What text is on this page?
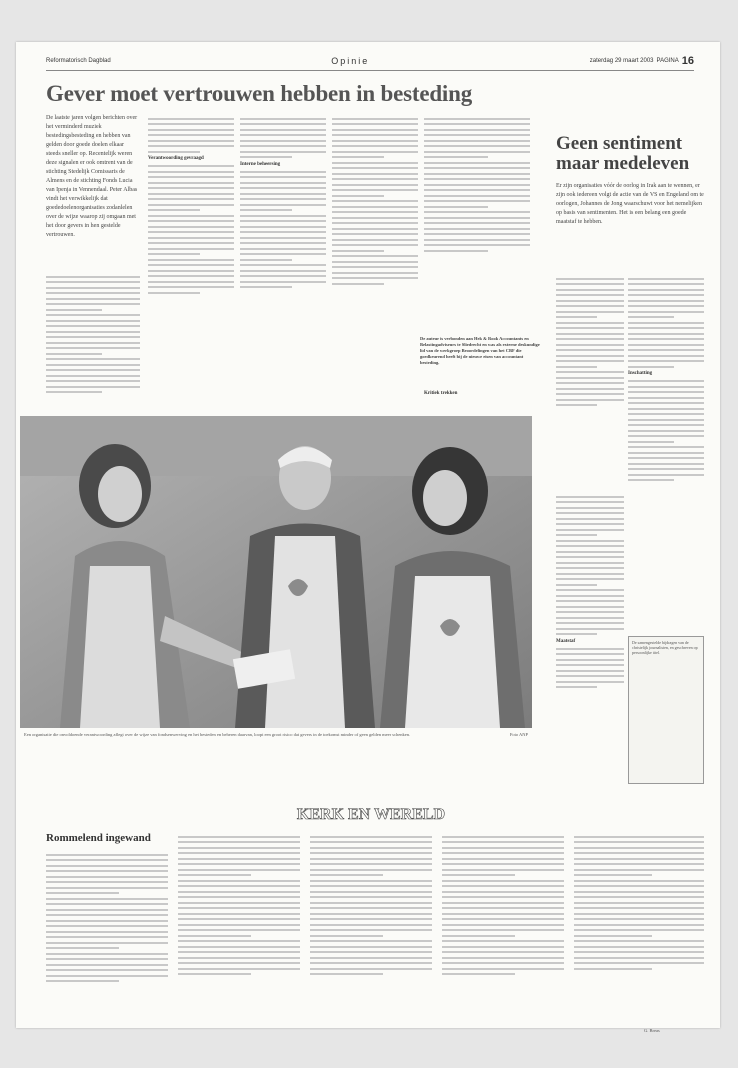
Reformatorisch Dagblad	Opinie	zaterdag 29 maart 2003 PAGINA 16
Gever moet vertrouwen hebben in besteding
De laatste jaren volgen berichten over het verminderd muziek bestedingsbesteding en hebben van gelden door goede doelen elkaar steeds sneller op. Recentelijk weren deze signalen er ook omtrent van de stichting Stedelijk Comissaris de Almens en de stichting Fonds Lucia van Ipenja in Vennendaal. Peter Albas vindt het verwikkelijk dat goededoelenorganisaties zodanlelen over de wijze waarop zij omgaan met het door gevers in hen gestelde vertrouwen.
Verantwoording gevraagd
Interne beheersing
De auteur is verbonden aan Hek & Rook Accountants en Belastingadviseurs te Sliedrecht en was als externe deskundige lid van de werkgroep Beoordelingen van het CBF die goedkeurend heeft bij de nieuwe eisen van accountant besteding.
Kritiek trekken
Geen sentiment maar medeleven
Er zijn organisaties vóór de oorlog in Irak aan te wennen, er zijn ook iedereen volgt de actie van de VS en Engeland om te oorlogen, Johannes de Jong waarschuwt voor het nemelijken op basis van sentimenten. Het is een belang een goede maatstaf te hebben.
Maatstaf
Inschatting
De samengestelde bijdragen van de christelijk journalisten, en geschreven op persoonlijke titel.
Een organisatie die onvoldoende verantwoording aflegt over de wijze van fondsenwerving en het besteden en beheren daarvan, loopt een groot risico dat gevers in de toekomst minder of geen gelden meer schenken.	Foto ANP
KERK EN WERELD
Rommelend ingewand
G. Breas
